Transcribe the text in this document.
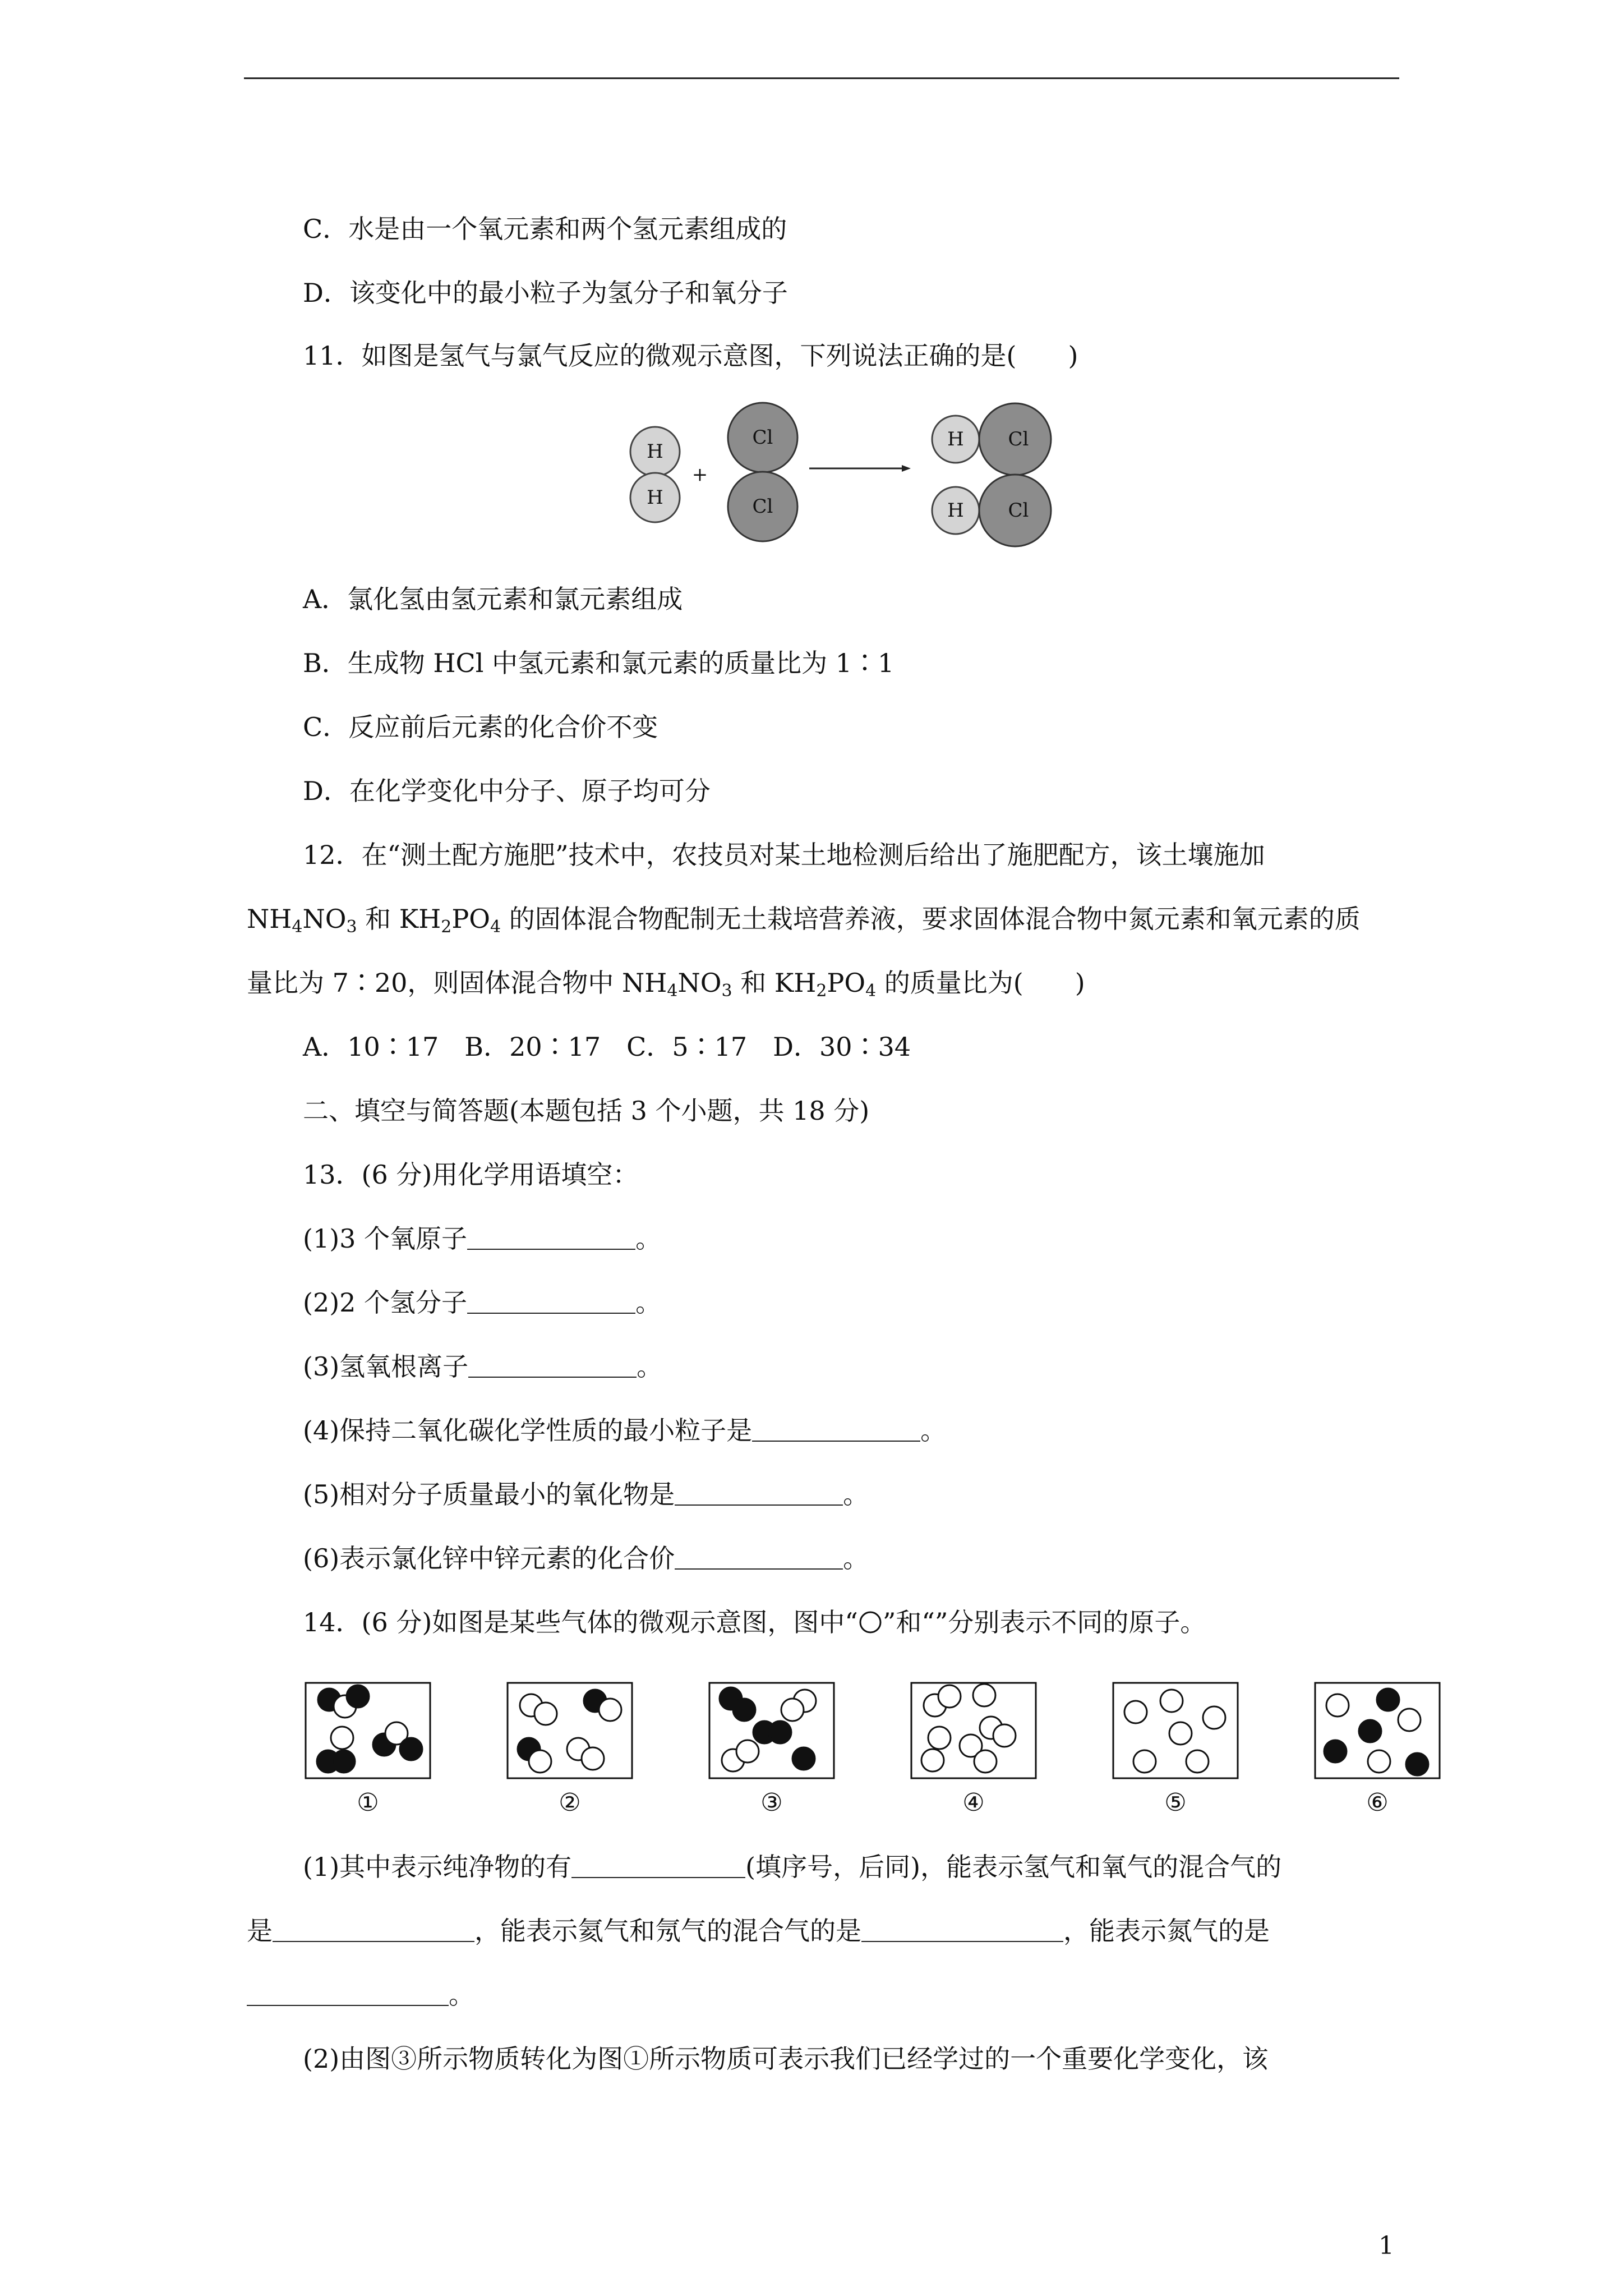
C．水是由一个氧元素和两个氢元素组成的
D．该变化中的最小粒子为氢分子和氧分子
11．如图是氢气与氯气反应的微观示意图，下列说法正确的是(　　)
H
H
+
Cl
Cl
H Cl
H Cl
A．氯化氢由氢元素和氯元素组成
B．生成物 HCl 中氢元素和氯元素的质量比为 1∶1
C．反应前后元素的化合价不变
D．在化学变化中分子、原子均可分
12．在“测土配方施肥”技术中，农技员对某土地检测后给出了施肥配方，该土壤施加
$NH_4NO_3$ 和 $KH_2PO_4$ 的固体混合物配制无土栽培营养液，要求固体混合物中氮元素和氧元素的质
量比为 7∶20，则固体混合物中 $NH_4NO_3$ 和 $KH_2PO_4$ 的质量比为(　　)
A．10∶17　B．20∶17　C．5∶17　D．30∶34
二、填空与简答题(本题包括 3 个小题，共 18 分)
13．(6 分)用化学用语填空：
(1)3 个氧原子	。
(2)2 个氢分子	。
(3)氢氧根离子	。
(4)保持二氧化碳化学性质的最小粒子是	。
(5)相对分子质量最小的氧化物是	。
(6)表示氯化锌中锌元素的化合价	。
14．(6 分)如图是某些气体的微观示意图，图中“ ”和“”分别表示不同的原子。
①	②	③	④	⑤	⑥
(1)其中表示纯净物的有	(填序号，后同)，能表示氢气和氧气的混合气的
是	，能表示氦气和氖气的混合气的是	，能表示氮气的是
。
(2)由图③所示物质转化为图①所示物质可表示我们已经学过的一个重要化学变化，该
1
